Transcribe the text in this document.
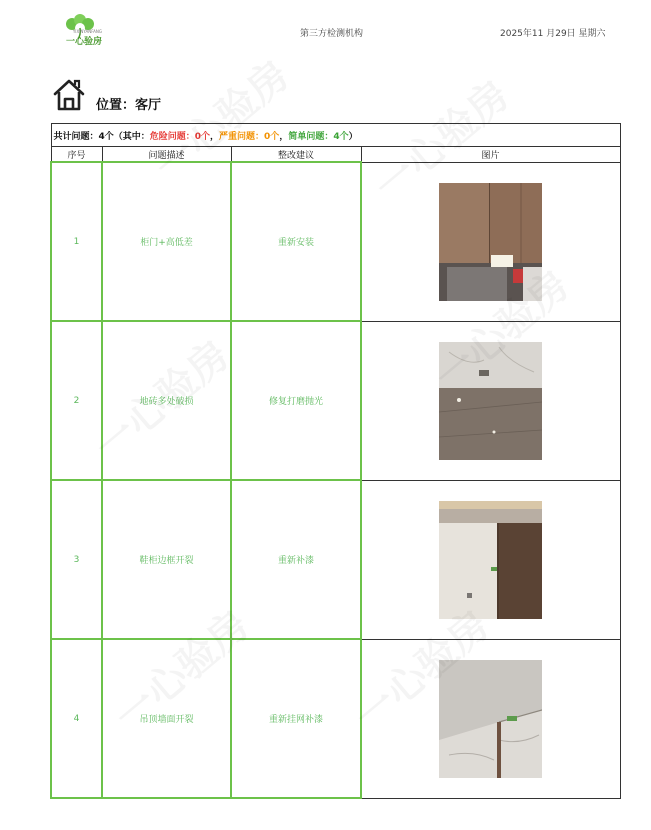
YIXINYANFANG
一心验房
第三方检测机构	2025年11 月29日 星期六
位置：客厅
共计问题：4个（其中：危险问题：0个，严重问题：0个，简单问题：4个）			
序号	问题描述	整改建议	图片
1	柜门+高低差	重新安装	

2	地砖多处破损	修复打磨抛光	

3	鞋柜边框开裂	重新补漆	

4	吊顶墙面开裂	重新挂网补漆	
